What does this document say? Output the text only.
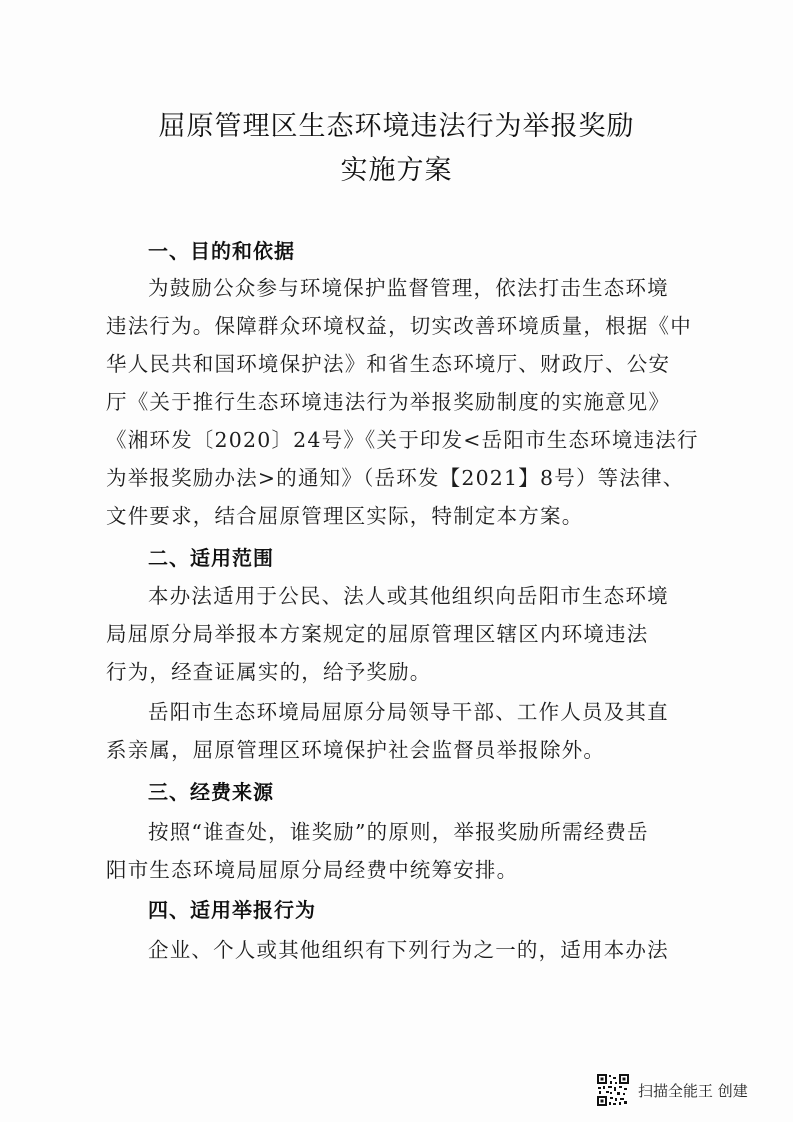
屈原管理区生态环境违法行为举报奖励
实施方案
一、目的和依据
为鼓励公众参与环境保护监督管理，依法打击生态环境
违法行为。保障群众环境权益，切实改善环境质量，根据《中
华人民共和国环境保护法》和省生态环境厅、财政厅、公安
厅《关于推行生态环境违法行为举报奖励制度的实施意见》
《湘环发〔2020〕24号》《关于印发<岳阳市生态环境违法行
为举报奖励办法>的通知》（岳环发【2021】8号）等法律、
文件要求，结合屈原管理区实际，特制定本方案。
二、适用范围
本办法适用于公民、法人或其他组织向岳阳市生态环境
局屈原分局举报本方案规定的屈原管理区辖区内环境违法
行为，经查证属实的，给予奖励。
岳阳市生态环境局屈原分局领导干部、工作人员及其直
系亲属，屈原管理区环境保护社会监督员举报除外。
三、经费来源
按照“谁查处，谁奖励”的原则，举报奖励所需经费岳
阳市生态环境局屈原分局经费中统筹安排。
四、适用举报行为
企业、个人或其他组织有下列行为之一的，适用本办法
扫描全能王 创建
